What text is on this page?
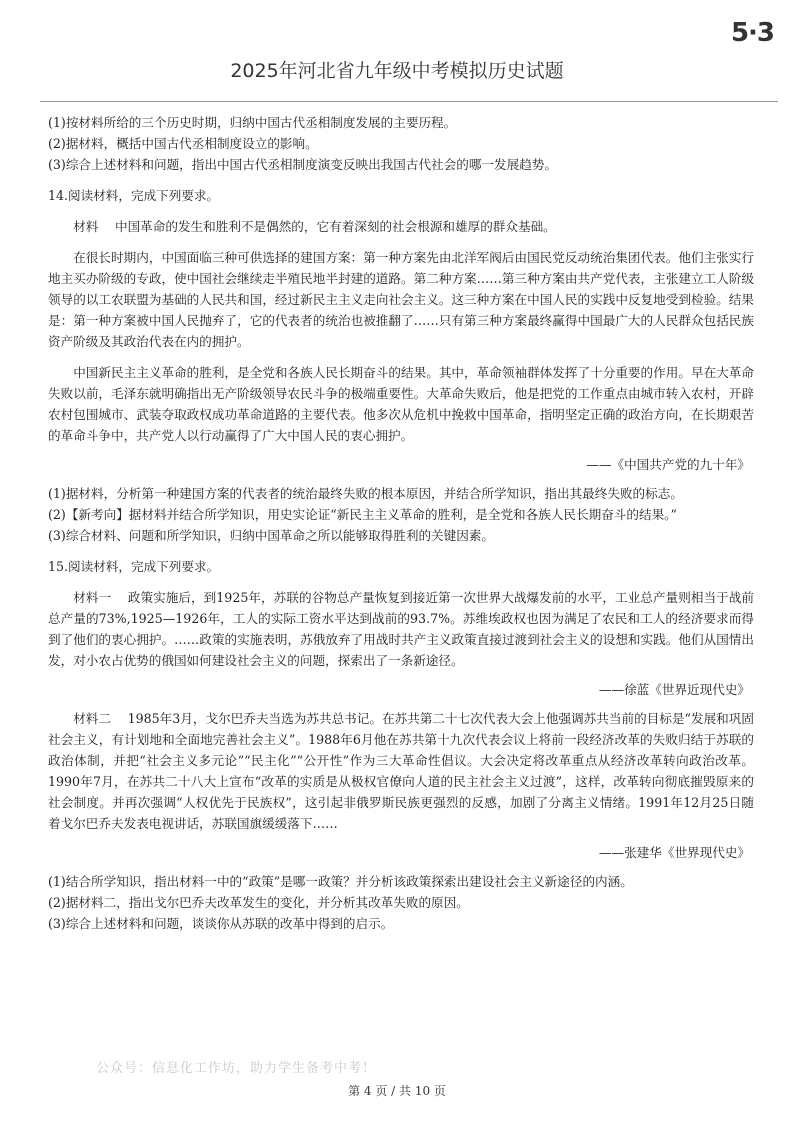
5·3
2025年河北省九年级中考模拟历史试题

(1)按材料所给的三个历史时期，归纳中国古代丞相制度发展的主要历程。

(2)据材料，概括中国古代丞相制度设立的影响。

(3)综合上述材料和问题，指出中国古代丞相制度演变反映出我国古代社会的哪一发展趋势。

14.阅读材料，完成下列要求。

材料　 中国革命的发生和胜利不是偶然的，它有着深刻的社会根源和雄厚的群众基础。

在很长时期内，中国面临三种可供选择的建国方案：第一种方案先由北洋军阀后由国民党反动统治集团代表。他们主张实行地主买办阶级的专政，使中国社会继续走半殖民地半封建的道路。第二种方案……第三种方案由共产党代表，主张建立工人阶级领导的以工农联盟为基础的人民共和国，经过新民主主义走向社会主义。这三种方案在中国人民的实践中反复地受到检验。结果是：第一种方案被中国人民抛弃了，它的代表者的统治也被推翻了……只有第三种方案最终赢得中国最广大的人民群众包括民族资产阶级及其政治代表在内的拥护。

中国新民主主义革命的胜利，是全党和各族人民长期奋斗的结果。其中，革命领袖群体发挥了十分重要的作用。早在大革命失败以前，毛泽东就明确指出无产阶级领导农民斗争的极端重要性。大革命失败后，他是把党的工作重点由城市转入农村，开辟农村包围城市、武装夺取政权成功革命道路的主要代表。他多次从危机中挽救中国革命，指明坚定正确的政治方向，在长期艰苦的革命斗争中，共产党人以行动赢得了广大中国人民的衷心拥护。

——《中国共产党的九十年》

(1)据材料，分析第一种建国方案的代表者的统治最终失败的根本原因，并结合所学知识，指出其最终失败的标志。

(2)【新考向】据材料并结合所学知识，用史实论证“新民主主义革命的胜利，是全党和各族人民长期奋斗的结果。”

(3)综合材料、问题和所学知识，归纳中国革命之所以能够取得胜利的关键因素。

15.阅读材料，完成下列要求。

材料一　 政策实施后，到1925年，苏联的谷物总产量恢复到接近第一次世界大战爆发前的水平，工业总产量则相当于战前总产量的73%,1925—1926年，工人的实际工资水平达到战前的93.7%。苏维埃政权也因为满足了农民和工人的经济要求而得到了他们的衷心拥护。……政策的实施表明，苏俄放弃了用战时共产主义政策直接过渡到社会主义的设想和实践。他们从国情出发，对小农占优势的俄国如何建设社会主义的问题，探索出了一条新途径。

——徐蓝《世界近现代史》

材料二　 1985年3月，戈尔巴乔夫当选为苏共总书记。在苏共第二十七次代表大会上他强调苏共当前的目标是“发展和巩固社会主义，有计划地和全面地完善社会主义”。1988年6月他在苏共第十九次代表会议上将前一段经济改革的失败归结于苏联的政治体制，并把“社会主义多元论”“民主化”“公开性”作为三大革命性倡议。大会决定将改革重点从经济改革转向政治改革。1990年7月，在苏共二十八大上宣布“改革的实质是从极权官僚向人道的民主社会主义过渡”，这样，改革转向彻底摧毁原来的社会制度。并再次强调“人权优先于民族权”，这引起非俄罗斯民族更强烈的反感，加剧了分离主义情绪。1991年12月25日随着戈尔巴乔夫发表电视讲话，苏联国旗缓缓落下……

——张建华《世界现代史》

(1)结合所学知识，指出材料一中的“政策”是哪一政策？并分析该政策探索出建设社会主义新途径的内涵。

(2)据材料二，指出戈尔巴乔夫改革发生的变化，并分析其改革失败的原因。

(3)综合上述材料和问题，谈谈你从苏联的改革中得到的启示。

公众号：信息化工作坊，助力学生备考中考！
第 4 页 / 共 10 页
